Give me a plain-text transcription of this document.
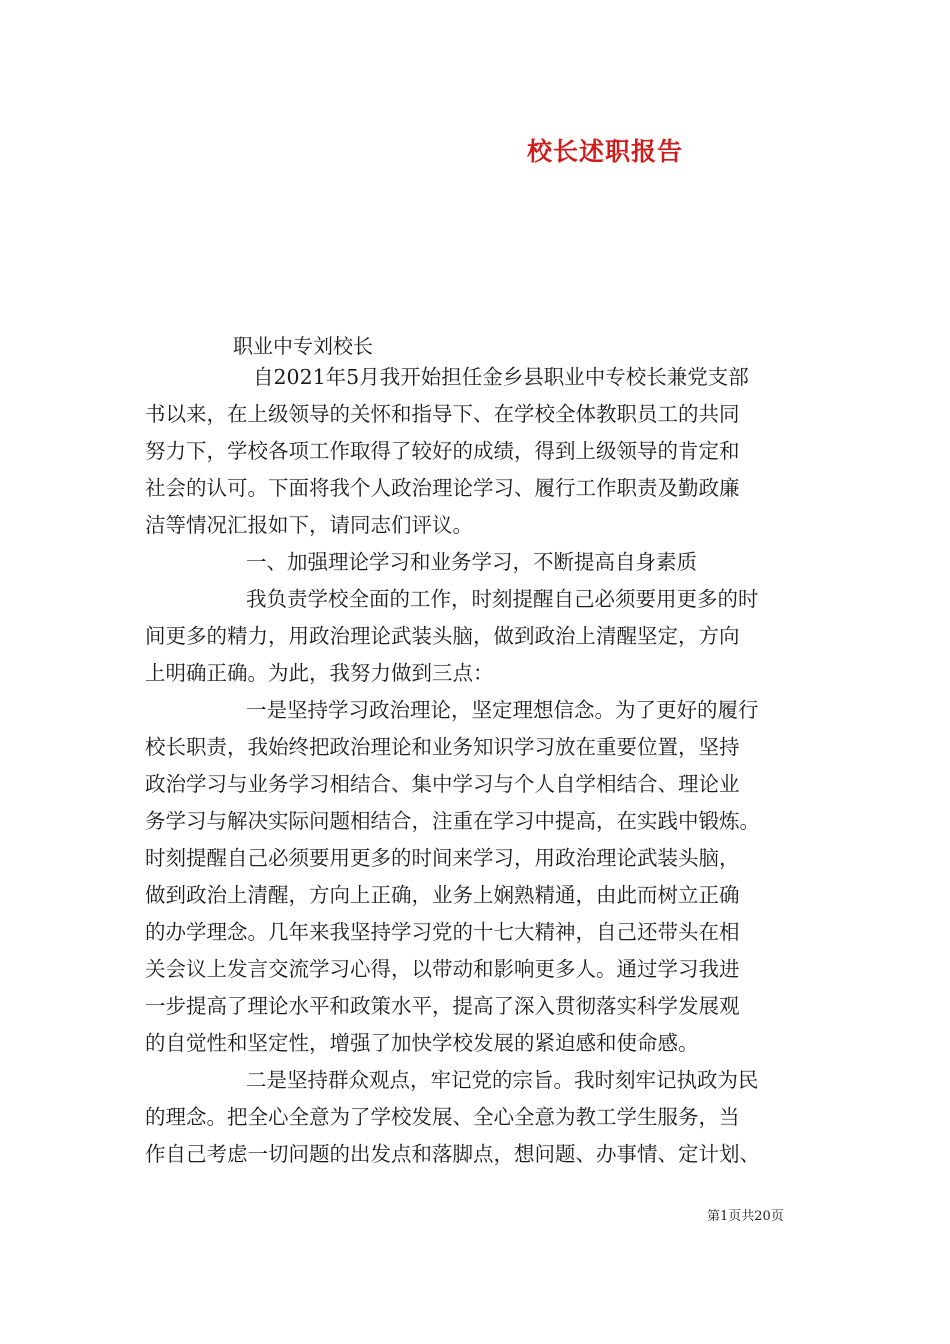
校长述职报告
职业中专刘校长
自2021年5月我开始担任金乡县职业中专校长兼党支部
书以来，在上级领导的关怀和指导下、在学校全体教职员工的共同
努力下，学校各项工作取得了较好的成绩，得到上级领导的肯定和
社会的认可。下面将我个人政治理论学习、履行工作职责及勤政廉
洁等情况汇报如下，请同志们评议。
一、加强理论学习和业务学习，不断提高自身素质
我负责学校全面的工作，时刻提醒自己必须要用更多的时
间更多的精力，用政治理论武装头脑，做到政治上清醒坚定，方向
上明确正确。为此，我努力做到三点：
一是坚持学习政治理论，坚定理想信念。为了更好的履行
校长职责，我始终把政治理论和业务知识学习放在重要位置，坚持
政治学习与业务学习相结合、集中学习与个人自学相结合、理论业
务学习与解决实际问题相结合，注重在学习中提高，在实践中锻炼。
时刻提醒自己必须要用更多的时间来学习，用政治理论武装头脑，
做到政治上清醒，方向上正确，业务上娴熟精通，由此而树立正确
的办学理念。几年来我坚持学习党的十七大精神，自己还带头在相
关会议上发言交流学习心得，以带动和影响更多人。通过学习我进
一步提高了理论水平和政策水平，提高了深入贯彻落实科学发展观
的自觉性和坚定性，增强了加快学校发展的紧迫感和使命感。
二是坚持群众观点，牢记党的宗旨。我时刻牢记执政为民
的理念。把全心全意为了学校发展、全心全意为教工学生服务，当
作自己考虑一切问题的出发点和落脚点，想问题、办事情、定计划、
第1页共20页
